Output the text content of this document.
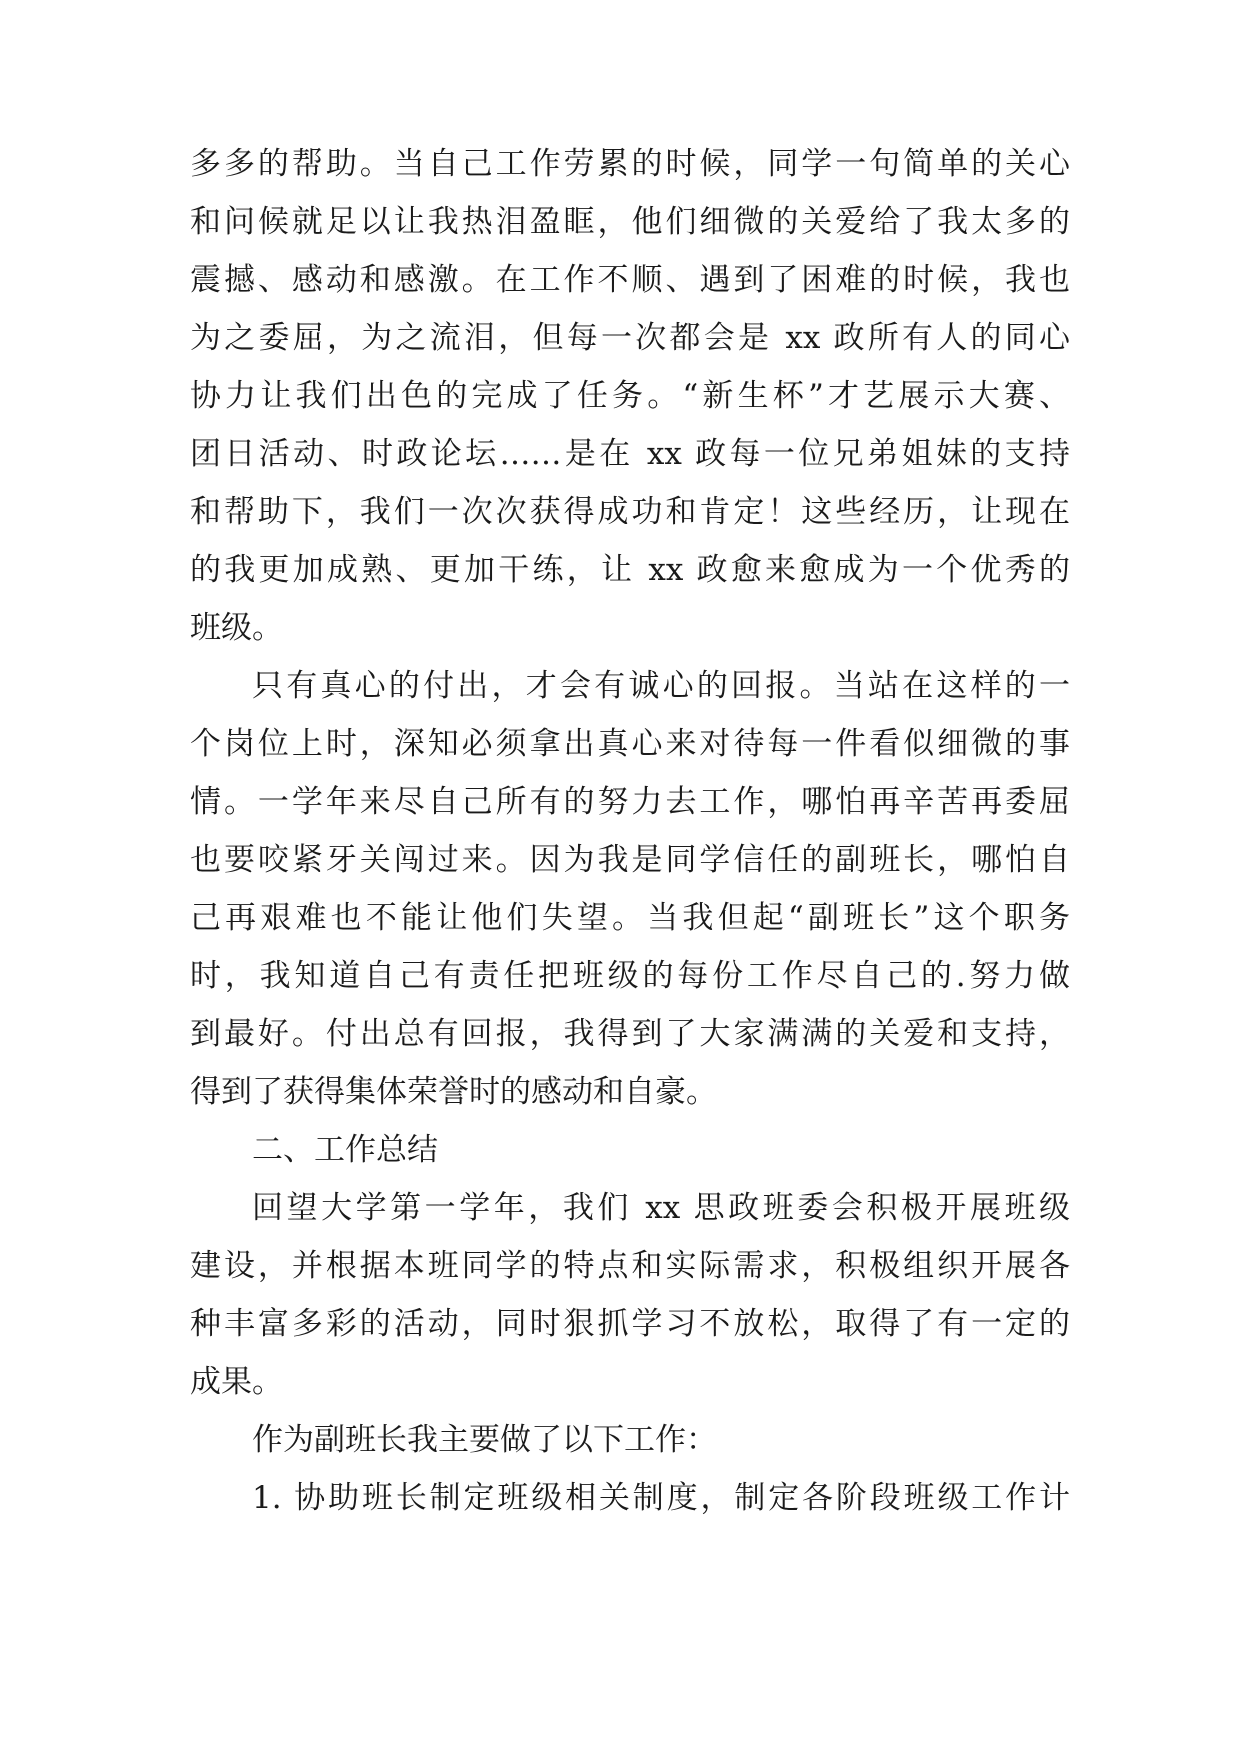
多多的帮助。当自己工作劳累的时候，同学一句简单的关心
和问候就足以让我热泪盈眶，他们细微的关爱给了我太多的
震撼、感动和感激。在工作不顺、遇到了困难的时候，我也
为之委屈，为之流泪，但每一次都会是 xx 政所有人的同心
协力让我们出色的完成了任务。“新生杯”才艺展示大赛、
团日活动、时政论坛……是在 xx 政每一位兄弟姐妹的支持
和帮助下，我们一次次获得成功和肯定！这些经历，让现在
的我更加成熟、更加干练，让 xx 政愈来愈成为一个优秀的
班级。
只有真心的付出，才会有诚心的回报。当站在这样的一
个岗位上时，深知必须拿出真心来对待每一件看似细微的事
情。一学年来尽自己所有的努力去工作，哪怕再辛苦再委屈
也要咬紧牙关闯过来。因为我是同学信任的副班长，哪怕自
己再艰难也不能让他们失望。当我但起“副班长”这个职务
时，我知道自己有责任把班级的每份工作尽自己的.努力做
到最好。付出总有回报，我得到了大家满满的关爱和支持，
得到了获得集体荣誉时的感动和自豪。
二、工作总结
回望大学第一学年，我们 xx 思政班委会积极开展班级
建设，并根据本班同学的特点和实际需求，积极组织开展各
种丰富多彩的活动，同时狠抓学习不放松，取得了有一定的
成果。
作为副班长我主要做了以下工作：
1. 协助班长制定班级相关制度，制定各阶段班级工作计
